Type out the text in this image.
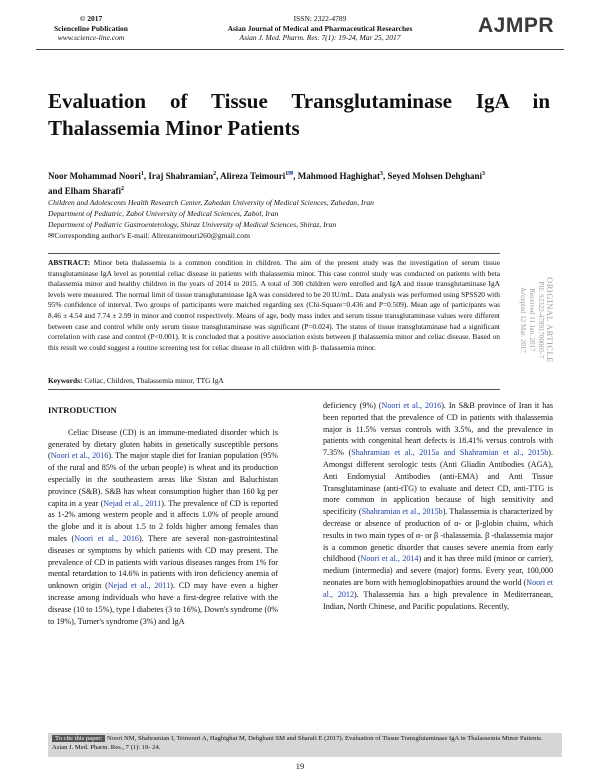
© 2017
Scienceline Publication
www.science-line.com
ISSN: 2322-4789
Asian Journal of Medical and Pharmaceutical Researches
Asian J. Med. Pharm. Res. 7(1): 19-24, Mar 25, 2017
AJMPR
Evaluation of Tissue Transglutaminase IgA in Thalassemia Minor Patients
Noor Mohammad Noori$^1$, Iraj Shahramian$^2$, Alireza Teimouri$^{1✉}$, Mahmood Haghighat$^3$, Seyed Mohsen Dehghani$^3$
and Elham Sharafi$^2$
Children and Adolescents Health Research Center, Zahedan University of Medical Sciences, Zahedan, Iran
Department of Pediatric, Zabol University of Medical Sciences, Zabol, Iran
Department of Pediatric Gastroenterology, Shiraz University of Medical Sciences, Shiraz, Iran
✉Corresponding author's E-mail: Alirezateimouri260@gmail.com
ABSTRACT: Minor beta thalassemia is a common condition in children. The aim of the present study was the investigation of serum tissue transglutaminase IgA level as potential celiac disease in patients with thalassemia minor. This case control study was conducted on patients with beta thalassemia minor and healthy children in the years of 2014 to 2015. A total of 300 children were enrolled and IgA and tissue transglutaminase IgA levels were measured. The normal limit of tissue transglutaminase IgA was considered to be 20 IU/mL. Data analysis was performed using SPSS20 with 95% confidence of interval. Two groups of participants were matched regarding sex (Chi-Square=0.436 and P=0.509). Mean age of participants was 8.46 ± 4.54 and 7.74 ± 2.99 in minor and control respectively. Means of age, body mass index and serum tissue transglutaminase values were different between case and control while only serum tissue transglutaminase was significant (P=0.024). The status of tissue transglutaminase had a significant correlation with case and control (P<0.001). It is concluded that a positive association exists between β thalassemia minor and celiac disease. Based on this result we could suggest a routine screening test for celiac disease in all children with β- thalassemia minor.
Keywords: Celiac, Children, Thalassemia minor, TTG IgA
ORIGINAL ARTICLE
PII: S2322-47891700005-7
Received 11 Jan. 2017
Accepted 12 Mar. 2017
INTRODUCTION

Celiac Disease (CD) is an immune-mediated disorder which is generated by dietary gluten habits in genetically susceptible persons (Noori et al., 2016). The major staple diet for Iranian population (95% of the rural and 85% of the urban people) is wheat and its production especially in the southeastern areas like Sistan and Baluchistan province (S&B). S&B has wheat consumption higher than 160 kg per capita in a year (Nejad et al., 2011). The prevalence of CD is reported as 1-2% among western people and it affects 1.0% of people around the globe and it is about 1.5 to 2 folds higher among females than males (Noori et al., 2016). There are several non-gastrointestinal diseases or symptoms by which patients with CD may present. The prevalence of CD in patients with various diseases ranges from 1% for mental retardation to 14.6% in patients with iron deficiency anemia of unknown origin (Nejad et al., 2011). CD may have even a higher increase among individuals who have a first-degree relative with the disease (10 to 15%), type I diabetes (3 to 16%), Down's syndrome (0% to 19%), Turner's syndrome (3%) and IgA

deficiency (9%) (Noori et al., 2016). In S&B province of Iran it has been reported that the prevalence of CD in patients with thalassemia major is 11.5% versus controls with 3.5%, and the prevalence in patients with congenital heart defects is 18.41% versus controls with 7.35% (Shahramian et al., 2015a and Shahramian et al., 2015b). Amongst different serologic tests (Anti Gliadin Antibodies (AGA), Anti Endomysial Antibodies (anti-EMA) and Anti Tissue Transglutaminase (anti-tTG) to evaluate and detect CD, anti-TTG is more common in application because of high sensitivity and specificity (Shahramian et al., 2015b). Thalassemia is characterized by decrease or absence of production of α- or β-globin chains, which results in two main types of α- or β -thalassemia. β -thalassemia major is a common genetic disorder that causes severe anemia from early childhood (Noori et al., 2014) and it has three mild (minor or carrier), medium (intermedia) and severe (major) forms. Every year, 100,000 neonates are born with hemoglobinopathies around the world (Noori et al., 2012). Thalassemia has a high prevalence in Mediterranean, Indian, North Chinese, and Pacific populations. Recently,

To cite this paper: Noori NM, Shahramian I, Teimouri A, Haghighat M, Dehghani SM and Sharafi E (2017). Evaluation of Tissue Transglutaminase IgA in Thalassemia Minor Patients. Asian J. Med. Pharm. Res., 7 (1): 19- 24.
19
